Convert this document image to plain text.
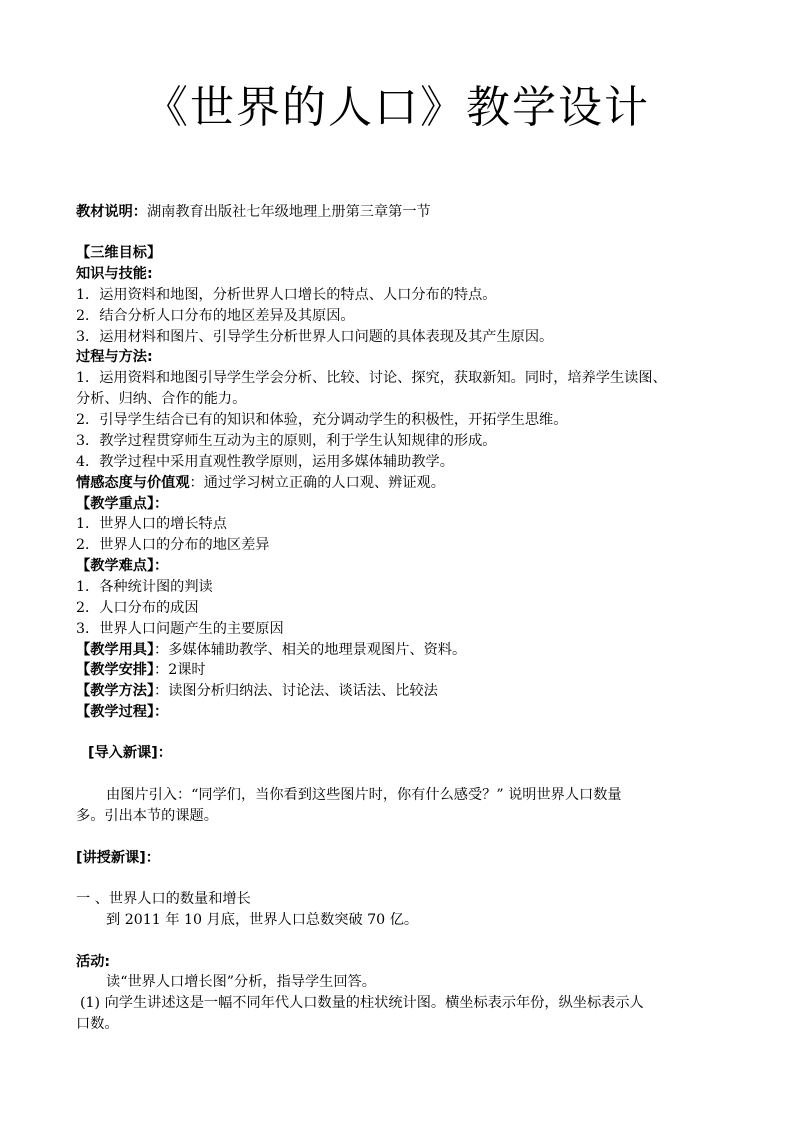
《世界的人口》教学设计
教材说明：湖南教育出版社七年级地理上册第三章第一节
【三维目标】
知识与技能:
1．运用资料和地图，分析世界人口增长的特点、人口分布的特点。
2．结合分析人口分布的地区差异及其原因。
3．运用材料和图片、引导学生分析世界人口问题的具体表现及其产生原因。
过程与方法:
1．运用资料和地图引导学生学会分析、比较、讨论、探究，获取新知。同时，培养学生读图、
分析、归纳、合作的能力。
2．引导学生结合已有的知识和体验，充分调动学生的积极性，开拓学生思维。
3．教学过程贯穿师生互动为主的原则，利于学生认知规律的形成。
4．教学过程中采用直观性教学原则，运用多媒体辅助教学。
情感态度与价值观：通过学习树立正确的人口观、辨证观。
【教学重点】：
1．世界人口的增长特点
2．世界人口的分布的地区差异
【教学难点】：
1．各种统计图的判读
2．人口分布的成因
3．世界人口问题产生的主要原因
【教学用具】：多媒体辅助教学、相关的地理景观图片、资料。
【教学安排】：2课时
【教学方法】：读图分析归纳法、讨论法、谈话法、比较法
【教学过程】：
[导入新课]：
由图片引入：“同学们，当你看到这些图片时，你有什么感受？” 说明世界人口数量
多。引出本节的课题。
[讲授新课]：
一 、世界人口的数量和增长
到 2011 年 10 月底，世界人口总数突破 70 亿。
活动:
读“世界人口增长图”分析，指导学生回答。
(1) 向学生讲述这是一幅不同年代人口数量的柱状统计图。横坐标表示年份，纵坐标表示人
口数。
